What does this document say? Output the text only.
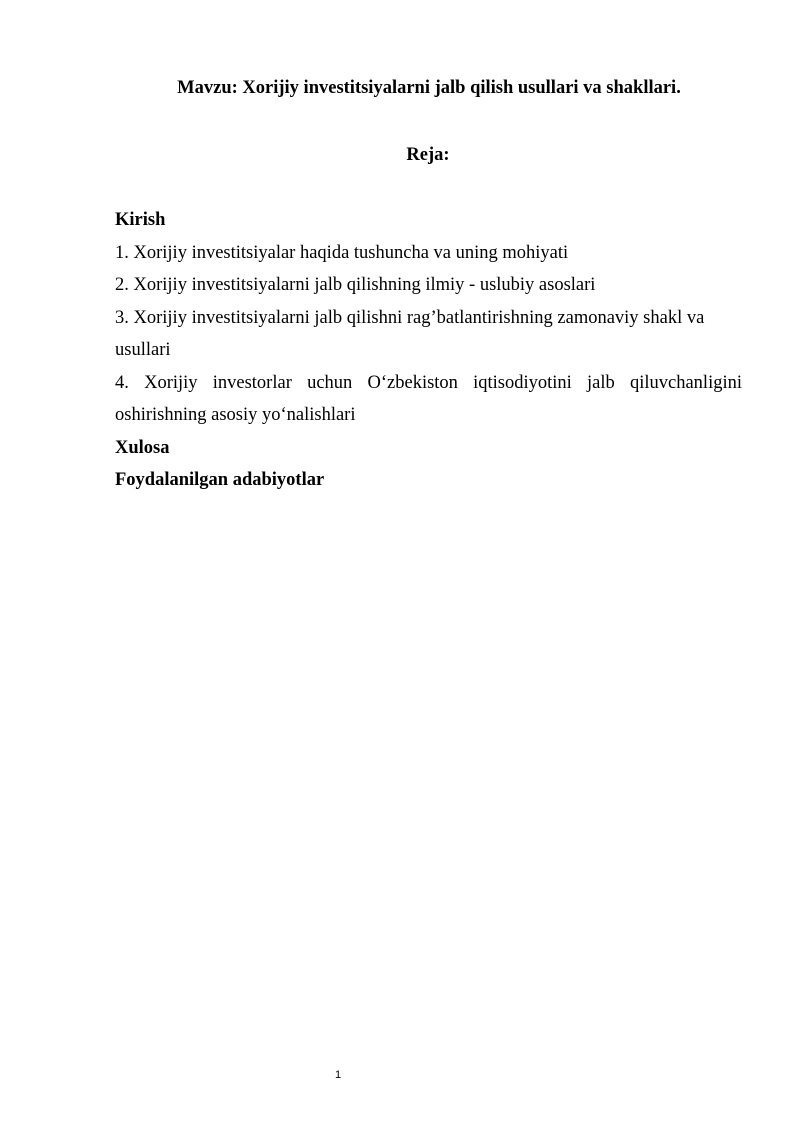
Mavzu: Xorijiy investitsiyalarni jalb qilish usullari va shakllari.
Reja:
Kirish
1. Xorijiy investitsiyalar haqida tushuncha va uning mohiyati
2. Xorijiy investitsiyalarni jalb qilishning ilmiy - uslubiy asoslari
3. Xorijiy investitsiyalarni jalb qilishni rag’batlantirishning zamonaviy shakl va
usullari
4. Xorijiy investorlar uchun O‘zbekiston iqtisodiyotini jalb qiluvchanligini
oshirishning asosiy yo‘nalishlari
Xulosa
Foydalanilgan adabiyotlar
1
